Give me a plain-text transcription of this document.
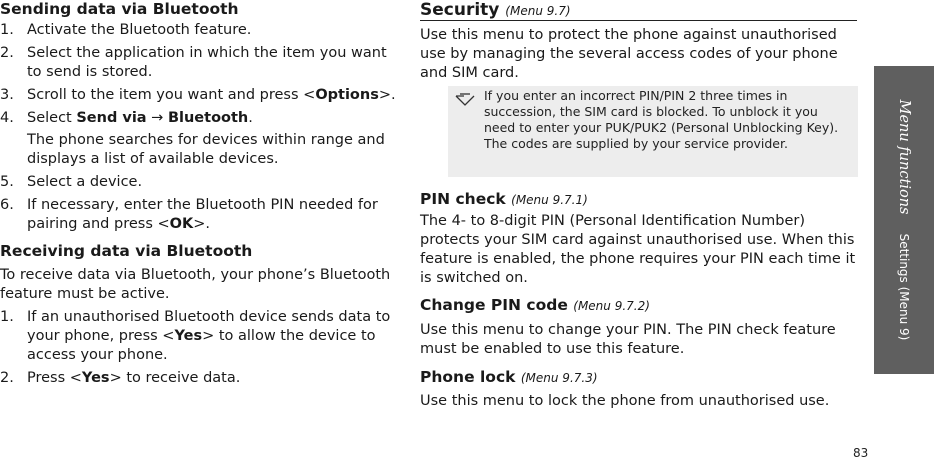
Sending data via Bluetooth
1. Activate the Bluetooth feature.
2. Select the application in which the item you want to send is stored.
3. Scroll to the item you want and press <Options>.
4. Select Send via → Bluetooth.
The phone searches for devices within range and displays a list of available devices.
5. Select a device.
6. If necessary, enter the Bluetooth PIN needed for pairing and press <OK>.
Receiving data via Bluetooth
To receive data via Bluetooth, your phone’s Bluetooth feature must be active.
1. If an unauthorised Bluetooth device sends data to your phone, press <Yes> to allow the device to access your phone.
2. Press <Yes> to receive data.
Security (Menu 9.7)
Use this menu to protect the phone against unauthorised use by managing the several access codes of your phone and SIM card.
If you enter an incorrect PIN/PIN 2 three times in succession, the SIM card is blocked. To unblock it you need to enter your PUK/PUK2 (Personal Unblocking Key). The codes are supplied by your service provider.
PIN check (Menu 9.7.1)
The 4- to 8-digit PIN (Personal Identification Number) protects your SIM card against unauthorised use. When this feature is enabled, the phone requires your PIN each time it is switched on.
Change PIN code (Menu 9.7.2)
Use this menu to change your PIN. The PIN check feature must be enabled to use this feature.
Phone lock (Menu 9.7.3)
Use this menu to lock the phone from unauthorised use.
Menu functions     Settings (Menu 9)
83
